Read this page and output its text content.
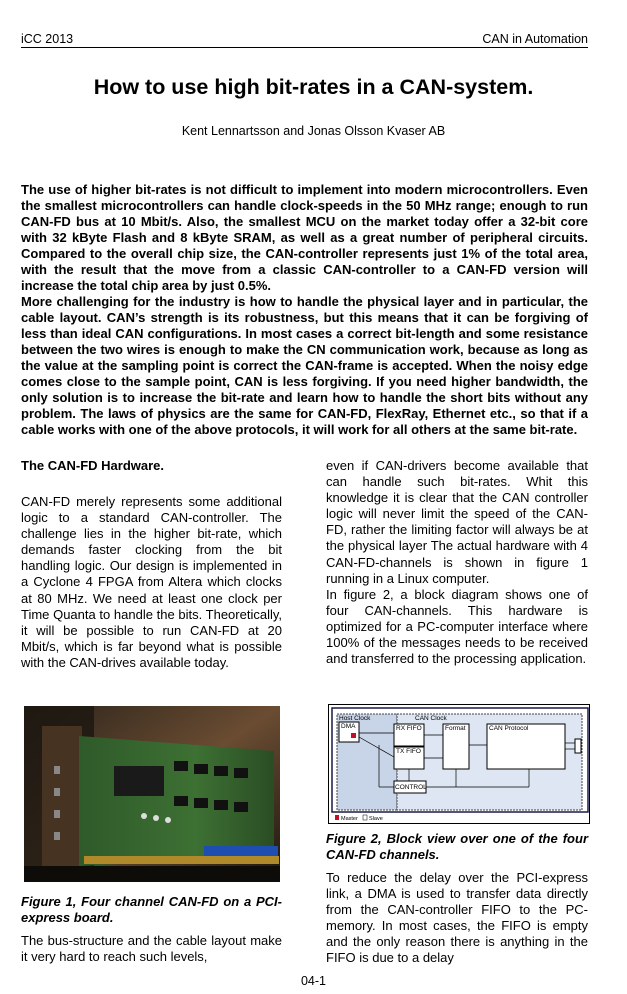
iCC 2013	CAN in Automation
How to use high bit-rates in a CAN-system.
Kent Lennartsson and Jonas Olsson Kvaser AB

The use of higher bit-rates is not difficult to implement into modern microcontrollers. Even the smallest microcontrollers can handle clock-speeds in the 50 MHz range; enough to run CAN-FD bus at 10 Mbit/s. Also, the smallest MCU on the market today offer a 32-bit core with 32 kByte Flash and 8 kByte SRAM, as well as a great number of peripheral circuits. Compared to the overall chip size, the CAN-controller represents just 1% of the total area, with the result that the move from a classic CAN-controller to a CAN-FD version will increase the total chip area by just 0.5%.

More challenging for the industry is how to handle the physical layer and in particular, the cable layout. CAN’s strength is its robustness, but this means that it can be forgiving of less than ideal CAN configurations. In most cases a correct bit-length and some resistance between the two wires is enough to make the CN communication work, because as long as the value at the sampling point is correct the CAN-frame is accepted. When the noisy edge comes close to the sample point, CAN is less forgiving. If you need higher bandwidth, the only solution is to increase the bit-rate and learn how to handle the short bits without any problem. The laws of physics are the same for CAN-FD, FlexRay, Ethernet etc., so that if a cable works with one of the above protocols, it will work for all others at the same bit-rate.

The CAN-FD Hardware.

CAN-FD merely represents some additional logic to a standard CAN-controller. The challenge lies in the higher bit-rate, which demands faster clocking from the bit handling logic. Our design is implemented in a Cyclone 4 FPGA from Altera which clocks at 80 MHz. We need at least one clock per Time Quanta to handle the bits. Theoretically, it will be possible to run CAN-FD at 20 Mbit/s, which is far beyond what is possible with the CAN-drives available today.

Figure 1, Four channel CAN-FD on a PCI-express board.

The bus-structure and the cable layout make it very hard to reach such levels,

even if CAN-drivers become available that can handle such bit-rates. Whit this knowledge it is clear that the CAN controller logic will never limit the speed of the CAN-FD, rather the limiting factor will always be at the physical layer The actual hardware with 4 CAN-FD-channels is shown in figure 1 running in a Linux computer.

In figure 2, a block diagram shows one of four CAN-channels. This hardware is optimized for a PC-computer interface where 100% of the messages needs to be received and transferred to the processing application.

Host Clock	CAN Clock
DMA	RX FIFO
TX FIFO
Format	CAN Protocol
CONTROL
Master Slave
Figure 2, Block view over one of the four CAN-FD channels.

To reduce the delay over the PCI-express link, a DMA is used to transfer data directly from the CAN-controller FIFO to the PC-memory. In most cases, the FIFO is empty and the only reason there is anything in the FIFO is due to a delay

04-1
